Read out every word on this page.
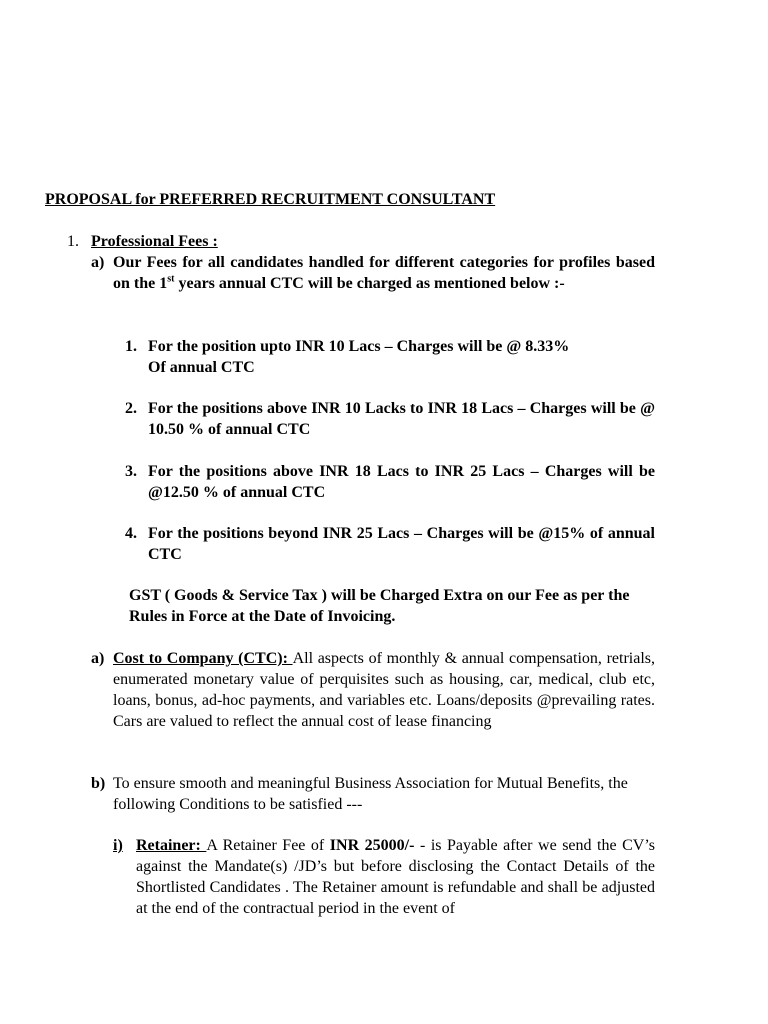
PROPOSAL for PREFERRED RECRUITMENT CONSULTANT
1. Professional Fees :
a) Our Fees for all candidates handled for different categories for profiles based on the 1st years annual CTC will be charged as mentioned below :-
1. For the position upto INR 10 Lacs – Charges will be @ 8.33%
Of annual CTC
2. For the positions above INR 10 Lacks to INR 18 Lacs – Charges will be @ 10.50 % of annual CTC
3. For the positions above INR 18 Lacs to INR 25 Lacs – Charges will be @12.50 % of annual CTC
4. For the positions beyond INR 25 Lacs – Charges will be @15% of annual CTC
GST ( Goods & Service Tax ) will be Charged Extra on our Fee as per the Rules in Force at the Date of Invoicing.
a) Cost to Company (CTC): All aspects of monthly & annual compensation, retrials, enumerated monetary value of perquisites such as housing, car, medical, club etc, loans, bonus, ad-hoc payments, and variables etc. Loans/deposits @prevailing rates. Cars are valued to reflect the annual cost of lease financing
b) To ensure smooth and meaningful Business Association for Mutual Benefits, the following Conditions to be satisfied ---
i) Retainer: A Retainer Fee of INR 25000/- - is Payable after we send the CV’s against the Mandate(s) /JD’s but before disclosing the Contact Details of the Shortlisted Candidates . The Retainer amount is refundable and shall be adjusted at the end of the contractual period in the event of
